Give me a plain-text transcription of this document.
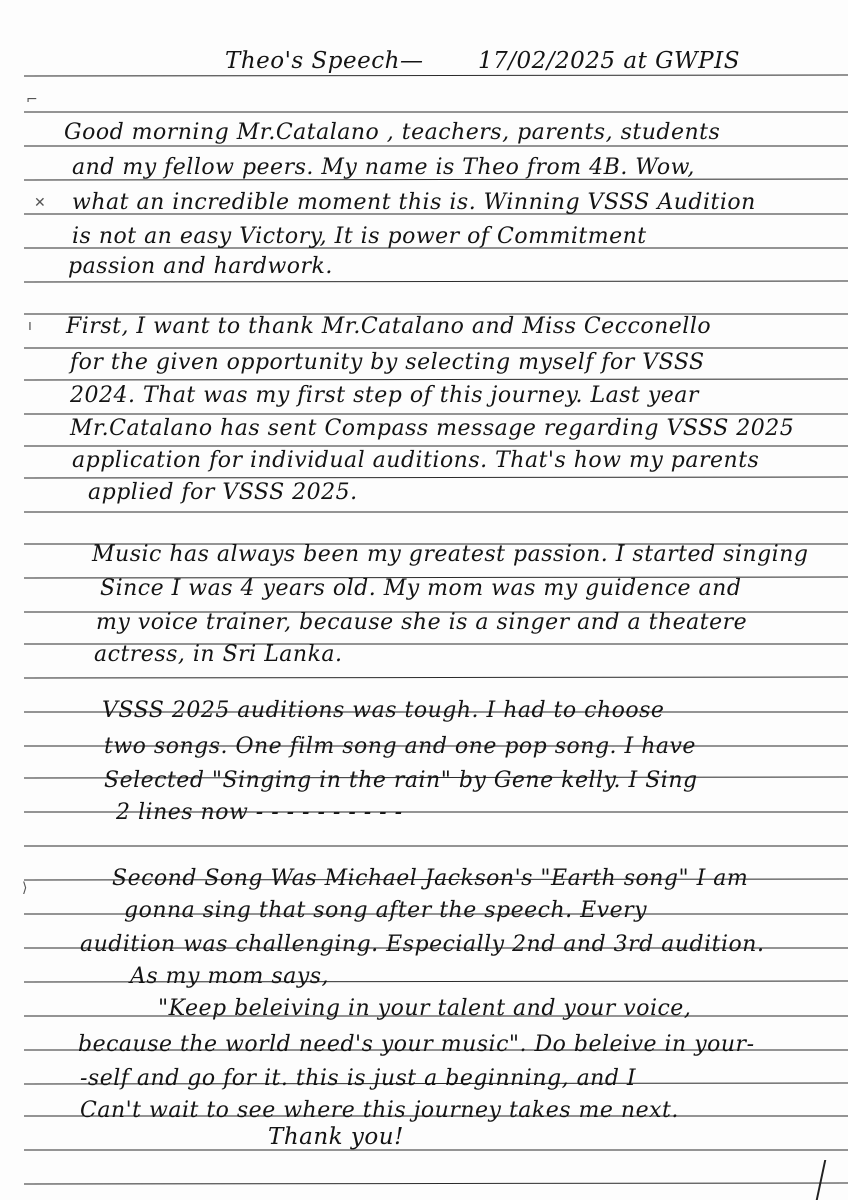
Theo's Speech— 17/02/2025 at GWPIS
Good morning Mr.Catalano , teachers, parents, students
and my fellow peers. My name is Theo from 4B. Wow,
what an incredible moment this is. Winning VSSS Audition
is not an easy Victory, It is power of Commitment
passion and hardwork.
First, I want to thank Mr.Catalano and Miss Cecconello
for the given opportunity by selecting myself for VSSS
2024. That was my first step of this journey. Last year
Mr.Catalano has sent Compass message regarding VSSS 2025
application for individual auditions. That's how my parents
applied for VSSS 2025.
Music has always been my greatest passion. I started singing
Since I was 4 years old. My mom was my guidence and
my voice trainer, because she is a singer and a theatere
actress, in Sri Lanka.
VSSS 2025 auditions was tough. I had to choose
two songs. One film song and one pop song. I have
Selected "Singing in the rain" by Gene kelly. I Sing
2 lines now - - - - - - - - - -
Second Song Was Michael Jackson's "Earth song" I am
gonna sing that song after the speech. Every
audition was challenging. Especially 2nd and 3rd audition.
As my mom says,
"Keep beleiving in your talent and your voice,
because the world need's your music". Do beleive in your-
-self and go for it. this is just a beginning, and I
Can't wait to see where this journey takes me next.
Thank you!
⌐
✕
ı
⟩
